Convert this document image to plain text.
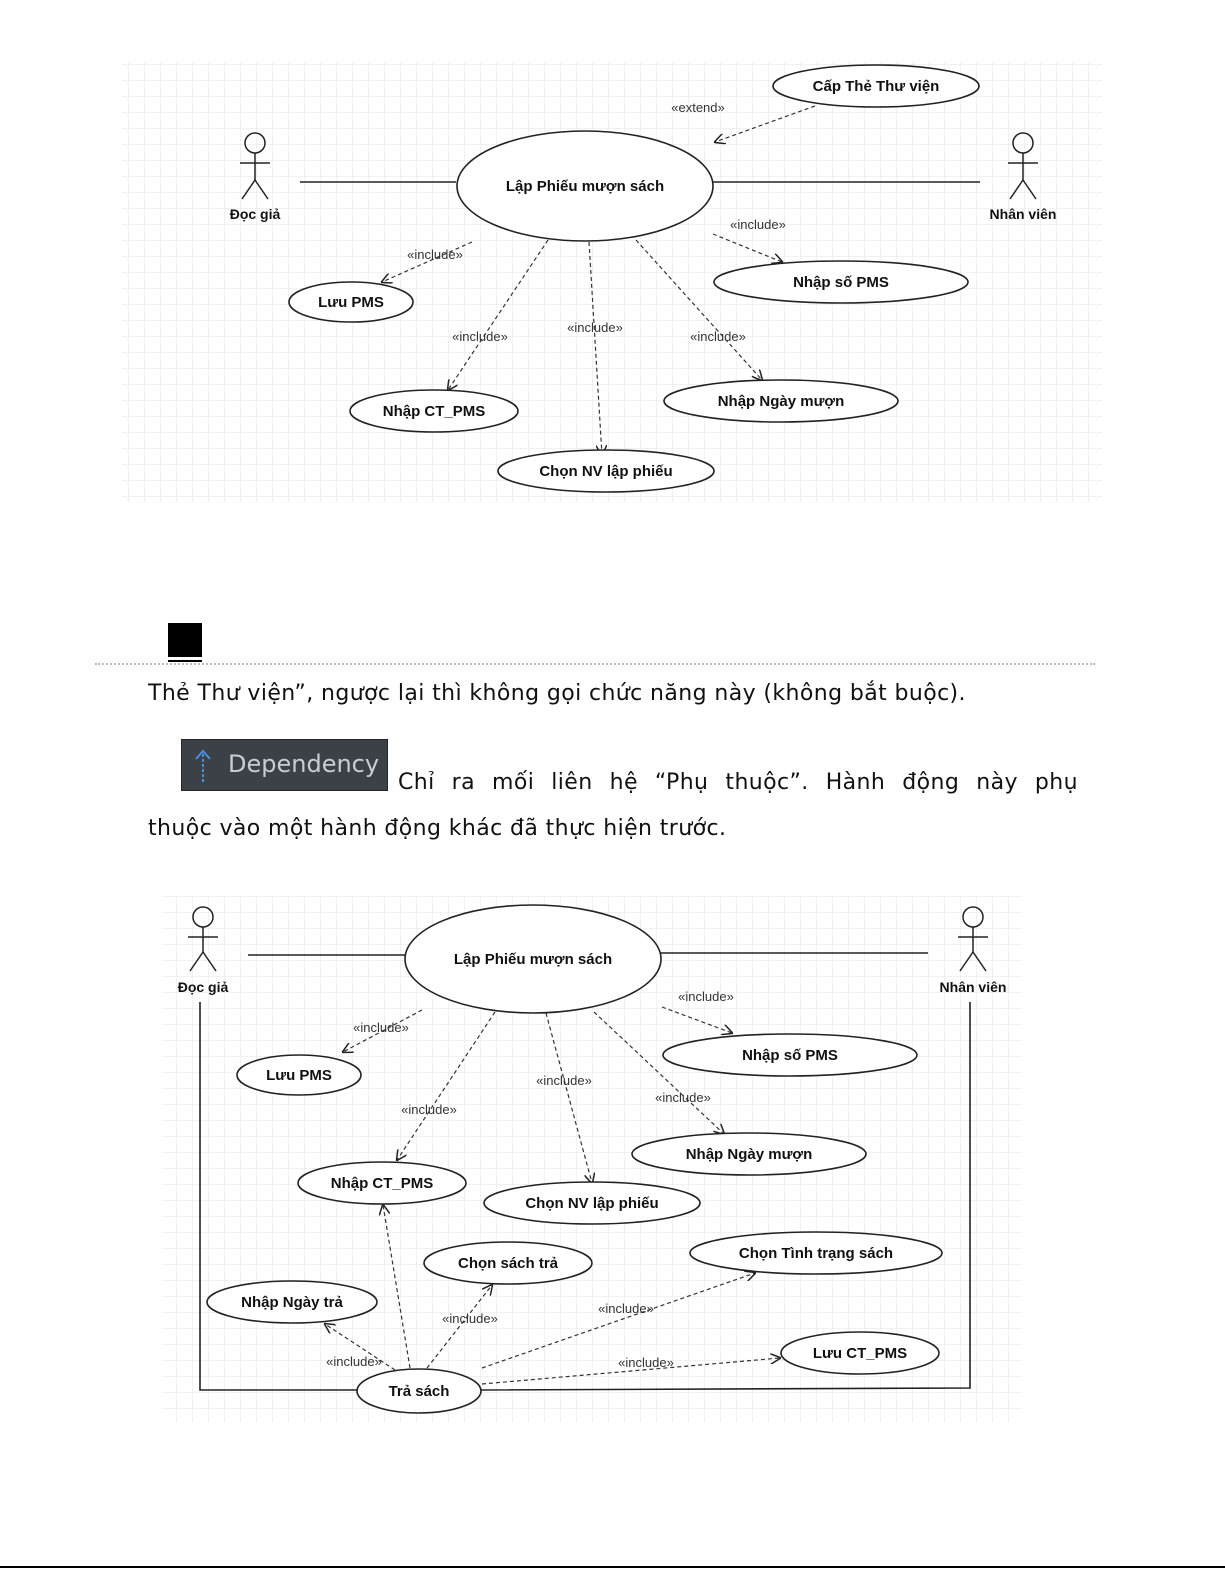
Đọc giả	Nhân viên
«extend»
«include»
«include»
«include»
«include»
«include»
Lập Phiếu mượn sách
Cấp Thẻ Thư viện
Lưu PMS
Nhập số PMS
Nhập CT_PMS
Chọn NV lập phiếu
Nhập Ngày mượn
Thẻ Thư viện”, ngược lại thì không gọi chức năng này (không bắt buộc).
Dependency
Chỉ ra mối liên hệ “Phụ thuộc”. Hành động này phụ
thuộc vào một hành động khác đã thực hiện trước.
Đọc giả	Nhân viên
«include»
«include»
«include»
«include»
«include»
«include»
«include»
«include»
«include»
Lập Phiếu mượn sách
Nhập số PMS
Lưu PMS
Nhập Ngày mượn
Nhập CT_PMS
Chọn NV lập phiếu
Chọn sách trả
Chọn Tình trạng sách
Nhập Ngày trả
Lưu CT_PMS
Trả sách
